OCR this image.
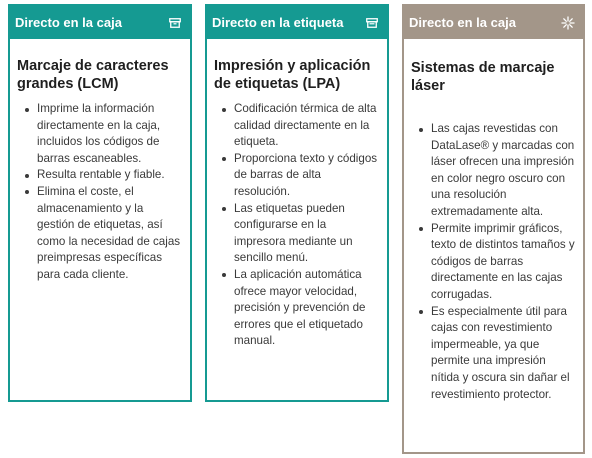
Directo en la caja
Marcaje de caracteres grandes (LCM)
Imprime la información directamente en la caja, incluidos los códigos de barras escaneables.
Resulta rentable y fiable.
Elimina el coste, el almacenamiento y la gestión de etiquetas, así como la necesidad de cajas preimpresas específicas para cada cliente.
Directo en la etiqueta
Impresión y aplicación de etiquetas (LPA)
Codificación térmica de alta calidad directamente en la etiqueta.
Proporciona texto y códigos de barras de alta resolución.
Las etiquetas pueden configurarse en la impresora mediante un sencillo menú.
La aplicación automática ofrece mayor velocidad, precisión y prevención de errores que el etiquetado manual.
Directo en la caja
Sistemas de marcaje láser
Las cajas revestidas con DataLase® y marcadas con láser ofrecen una impresión en color negro oscuro con una resolución extremadamente alta.
Permite imprimir gráficos, texto de distintos tamaños y códigos de barras directamente en las cajas corrugadas.
Es especialmente útil para cajas con revestimiento impermeable, ya que permite una impresión nítida y oscura sin dañar el revestimiento protector.
